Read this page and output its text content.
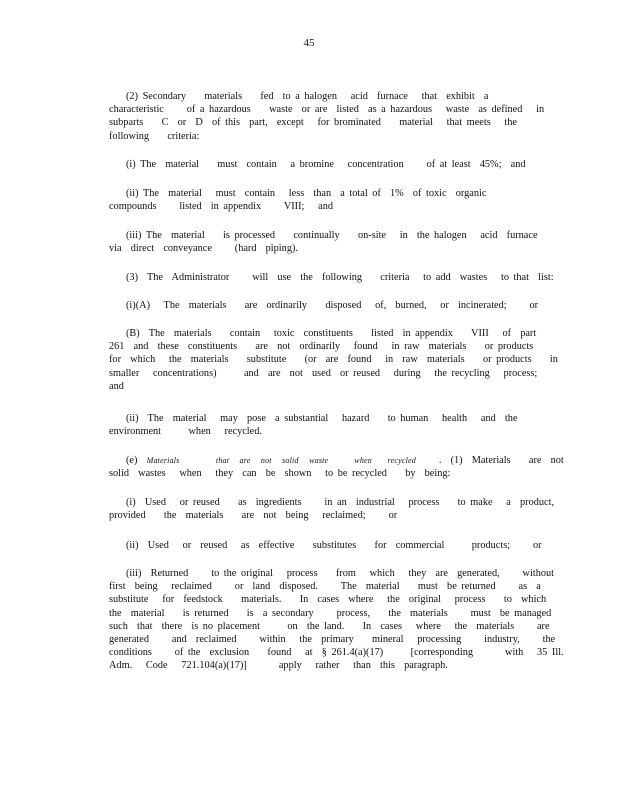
45
(2) Secondary    materials    fed  to a halogen   acid  furnace   that  exhibit  a
characteristic     of a hazardous    waste  or are  listed  as a hazardous   waste  as defined   in
subparts    C  or  D  of this  part,  except   for brominated    material   that meets   the
following    criteria:
(i) The  material    must  contain   a bromine   concentration     of at least  45%;  and
(ii) The  material   must  contain   less  than  a total of  1%  of toxic  organic
compounds     listed  in appendix     VIII;   and
(iii) The  material    is processed    continually    on-site   in  the halogen   acid  furnace
via  direct  conveyance     (hard  piping).
(3)  The  Administrator     will  use  the  following    criteria   to add  wastes   to that  list:
(i)(A)   The  materials    are  ordinarily    disposed   of,  burned,   or  incinerated;     or
(B)  The  materials    contain   toxic  constituents    listed  in appendix    VIII   of  part
261  and  these  constituents    are  not  ordinarily   found   in raw  materials    or products
for  which   the  materials    substitute    (or  are  found   in  raw  materials    or products    in
smaller   concentrations)      and  are  not  used  or reused   during   the recycling   process;
and
(ii)  The  material   may  pose  a substantial   hazard    to human   health   and  the
environment      when   recycled.
(e)  Materials       that  are  not  solid  waste     when   recycled     .  (1)  Materials    are  not
solid  wastes   when   they  can  be  shown   to be recycled    by  being:
(i)  Used   or reused    as  ingredients     in an  industrial   process    to make   a  product,
provided    the  materials    are  not  being   reclaimed;     or
(ii)  Used   or  reused   as  effective    substitutes    for  commercial      products;     or
(iii)  Returned     to the original   process    from   which   they  are  generated,     without
first  being   reclaimed     or  land  disposed.     The  material    must  be returned     as  a
substitute   for  feedstock    materials.    In  cases  where   the  original   process    to  which
the  material    is returned    is  a secondary     process,    the  materials     must  be managed
such  that  there  is no placement      on  the land.    In  cases   where   the  materials     are
generated     and  reclaimed     within   the  primary    mineral   processing     industry,     the
conditions     of the  exclusion    found   at  § 261.4(a)(17)      [corresponding       with   35 Ill.
Adm.   Code   721.104(a)(17)]       apply   rather   than  this  paragraph.
